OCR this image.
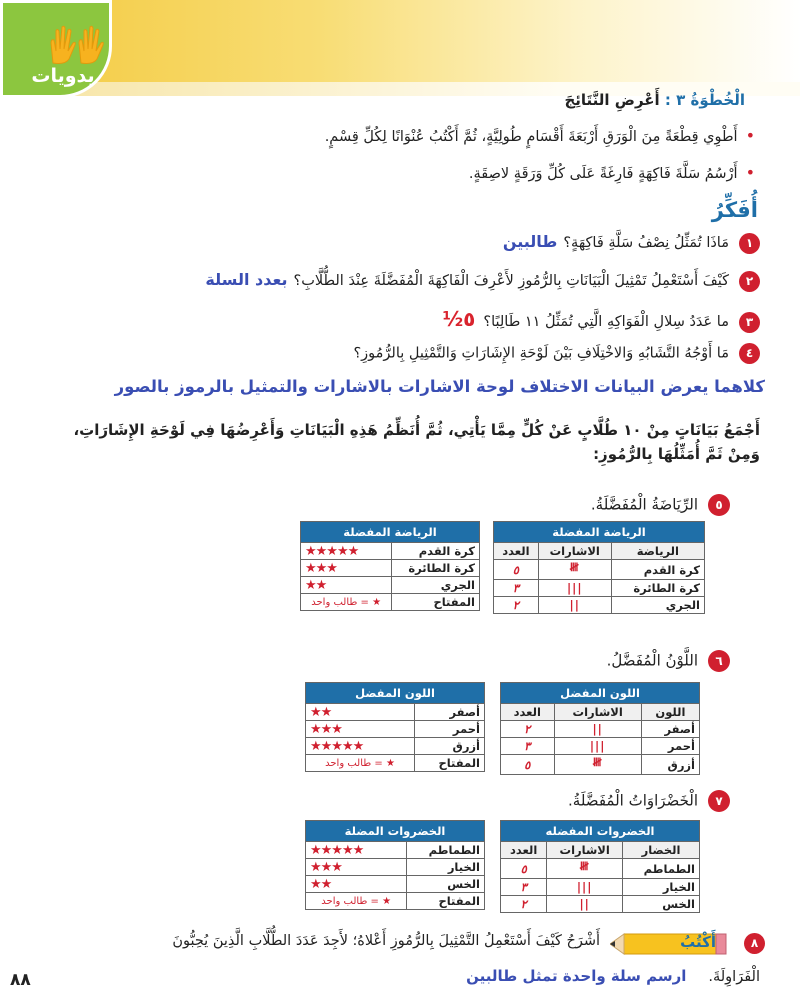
يدويات
الْخُطْوَةُ ٣ : أَعْرِضِ النَّتَائِجَ
• أَطْوِي قِطْعَةً مِنَ الْوَرَقِ أَرْبَعَةَ أَقْسَامٍ طُولِيَّةٍ، ثُمَّ أَكْتُبُ عُنْوَانًا لِكُلِّ قِسْمٍ.
• أَرْسُمُ سَلَّةَ فَاكِهَةٍ فَارِغَةً عَلَى كُلِّ وَرَقَةٍ لاصِقَةٍ.
أُفَكِّرُ
١مَاذَا تُمَثِّلُ نِصْفُ سَلَّةِ فَاكِهَةٍ؟طالبين
٢كَيْفَ أَسْتَعْمِلُ تَمْثِيلَ الْبَيَانَاتِ بِالرُّمُوزِ لأَعْرِفَ الْفَاكِهَةَ الْمُفَضَّلَةَ عِنْدَ الطُّلَّابِ؟بعدد السلة
٣ما عَدَدُ سِلالِ الْفَوَاكِهِ الَّتِي تُمَثِّلُ ١١ طَالِبًا؟٥½
٤مَا أَوْجُهُ التَّشَابُهِ وَالاخْتِلَافِ بَيْنَ لَوْحَةِ الإِشَارَاتِ وَالتَّمْثِيلِ بِالرُّمُوزِ؟
كلاهما يعرض البيانات الاختلاف لوحة الاشارات بالاشارات والتمثيل بالرموز بالصور
أَجْمَعُ بَيَانَاتٍ مِنْ ١٠ طُلَّابٍ عَنْ كُلٍّ مِمَّا يَأْتِي، ثُمَّ أُنَظِّمُ هَذِهِ الْبَيَانَاتِ وَأَعْرِضُهَا فِي لَوْحَةِ الإِشَارَاتِ، وَمِنْ ثَمَّ أُمَثِّلُهَا بِالرُّمُوزِ:
٥الرِّيَاضَةُ الْمُفَضَّلَةُ.
الرياضة المفضلة		
الرياضة	الاشارات	العدد
كرة القدم	𝍸	٥
كرة الطائرة	|||	٣
الجري	||	٢
الرياضة المفضلة	
كرة القدم	★★★★★
كرة الطائرة	★★★
الجري	★★
المفتاح	★ = طالب واحد
٦اللَّوْنُ الْمُفَضَّلُ.
اللون المفضل		
اللون	الاشارات	العدد
أصفر	||	٢
أحمر	|||	٣
أزرق	𝍸	٥
اللون المفضل	
أصفر	★★
أحمر	★★★
أزرق	★★★★★
المفتاح	★ = طالب واحد
٧الْخَضْرَاوَاتُ الْمُفَضَّلَةُ.
الخضروات المفضله		
الخضار	الاشارات	العدد
الطماطم	𝍸	٥
الخيار	|||	٣
الخس	||	٢
الخضروات المضلة	
الطماطم	★★★★★
الخيار	★★★
الخس	★★
المفتاح	★ = طالب واحد
٨
أَكْتُبُ
أَشْرَحُ كَيْفَ أَسْتَعْمِلُ التَّمْثِيلَ بِالرُّمُوزِ أَعْلاهُ؛ لأَجِدَ عَدَدَ الطُّلَّابِ الَّذِينَ يُحِبُّونَ
الْفَرَاوِلَةَ.ارسم سلة واحدة تمثل طالبين
٨٨
